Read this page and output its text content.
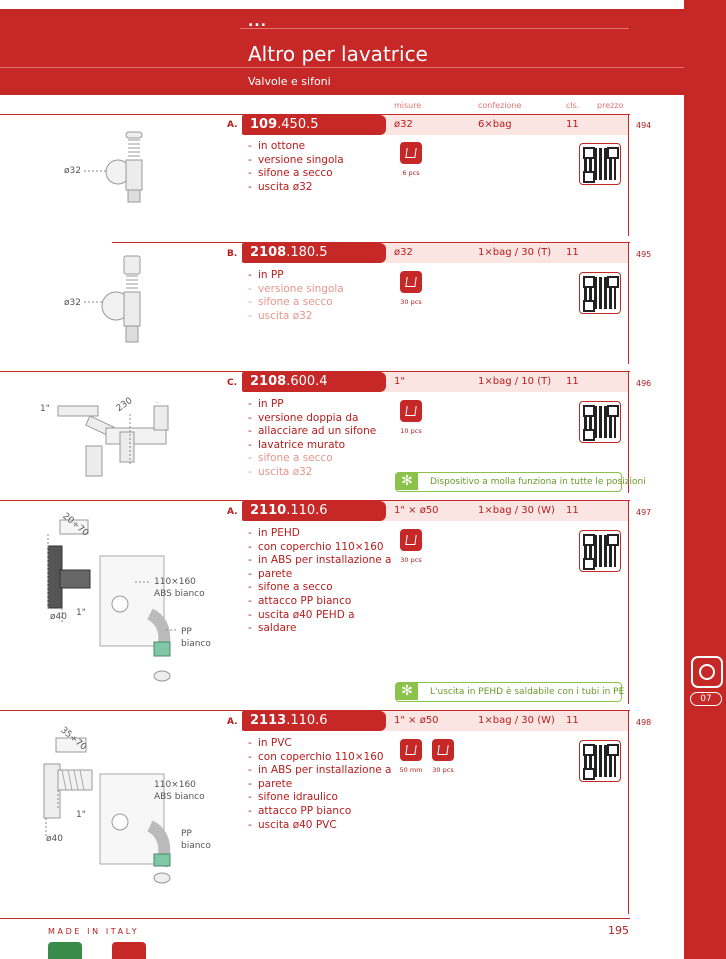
...
Altro per lavatrice
Valvole e sifoni
07
misure	confezione	cls. prezzo
A. 109.450.5	ø32	6×bag	11	494
- in ottone
- versione singola
- sifone a secco
- uscita ø32
6 pcs
ø32
B. 2108.180.5	ø32	1×bag / 30 (T) 11	495
- in PP
- versione singola
- sifone a secco
- uscita ø32
30 pcs
ø32
C. 2108.600.4	1"	1×bag / 10 (T) 11	496
- in PP
- versione doppia da
- allacciare ad un sifone
- lavatrice murato
- sifone a secco
- uscita ø32
10 pcs
✻	Dispositivo a molla funziona in tutte le posizioni
1"	230
A. 2110.110.6	1" × ø50	1×bag / 30 (W) 11	497
- in PEHD
- con coperchio 110×160
- in ABS per installazione a
- parete
- sifone a secco
- attacco PP bianco
- uscita ø40 PEHD a
- saldare
30 pcs
✻	L'uscita in PEHD è saldabile con i tubi in PE
20÷70
110×160
ABS bianco
ø40 1"
PP
bianco
A. 2113.110.6	1" × ø50	1×bag / 30 (W) 11	498
- in PVC
- con coperchio 110×160
- in ABS per installazione a
- parete
- sifone idraulico
- attacco PP bianco
- uscita ø40 PVC
50 mm	30 pcs
35÷70
110×160
ABS bianco
1"
ø40	PP
bianco
MADE IN ITALY	195
